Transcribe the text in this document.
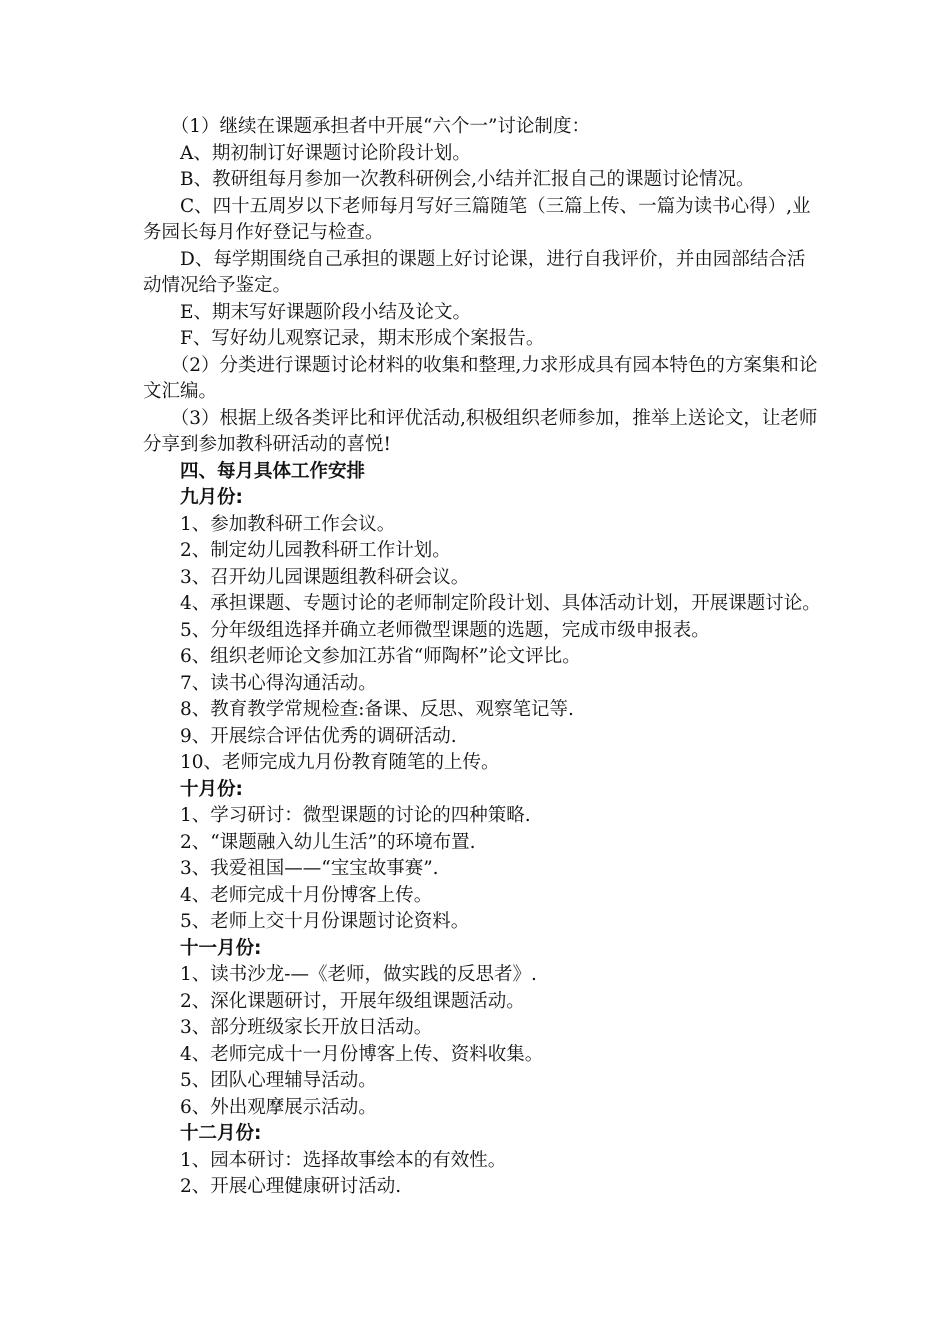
（1）继续在课题承担者中开展“六个一”讨论制度：

A、期初制订好课题讨论阶段计划。

B、教研组每月参加一次教科研例会,小结并汇报自己的课题讨论情况。

C、四十五周岁以下老师每月写好三篇随笔（三篇上传、一篇为读书心得）,业务园长每月作好登记与检查。

D、每学期围绕自己承担的课题上好讨论课，进行自我评价，并由园部结合活动情况给予鉴定。

E、期末写好课题阶段小结及论文。

F、写好幼儿观察记录，期末形成个案报告。

（2）分类进行课题讨论材料的收集和整理,力求形成具有园本特色的方案集和论文汇编。

（3）根据上级各类评比和评优活动,积极组织老师参加，推举上送论文，让老师分享到参加教科研活动的喜悦!

四、每月具体工作安排

九月份:

1、参加教科研工作会议。

2、制定幼儿园教科研工作计划。

3、召开幼儿园课题组教科研会议。

4、承担课题、专题讨论的老师制定阶段计划、具体活动计划，开展课题讨论。

5、分年级组选择并确立老师微型课题的选题，完成市级申报表。

6、组织老师论文参加江苏省“师陶杯”论文评比。

7、读书心得沟通活动。

8、教育教学常规检查:备课、反思、观察笔记等.

9、开展综合评估优秀的调研活动.

10、老师完成九月份教育随笔的上传。

十月份:

1、学习研讨：微型课题的讨论的四种策略.

2、“课题融入幼儿生活”的环境布置.

3、我爱祖国——“宝宝故事赛”.

4、老师完成十月份博客上传。

5、老师上交十月份课题讨论资料。

十一月份:

1、读书沙龙-—《老师，做实践的反思者》.

2、深化课题研讨，开展年级组课题活动。

3、部分班级家长开放日活动。

4、老师完成十一月份博客上传、资料收集。

5、团队心理辅导活动。

6、外出观摩展示活动。

十二月份:

1、园本研讨：选择故事绘本的有效性。

2、开展心理健康研讨活动.
